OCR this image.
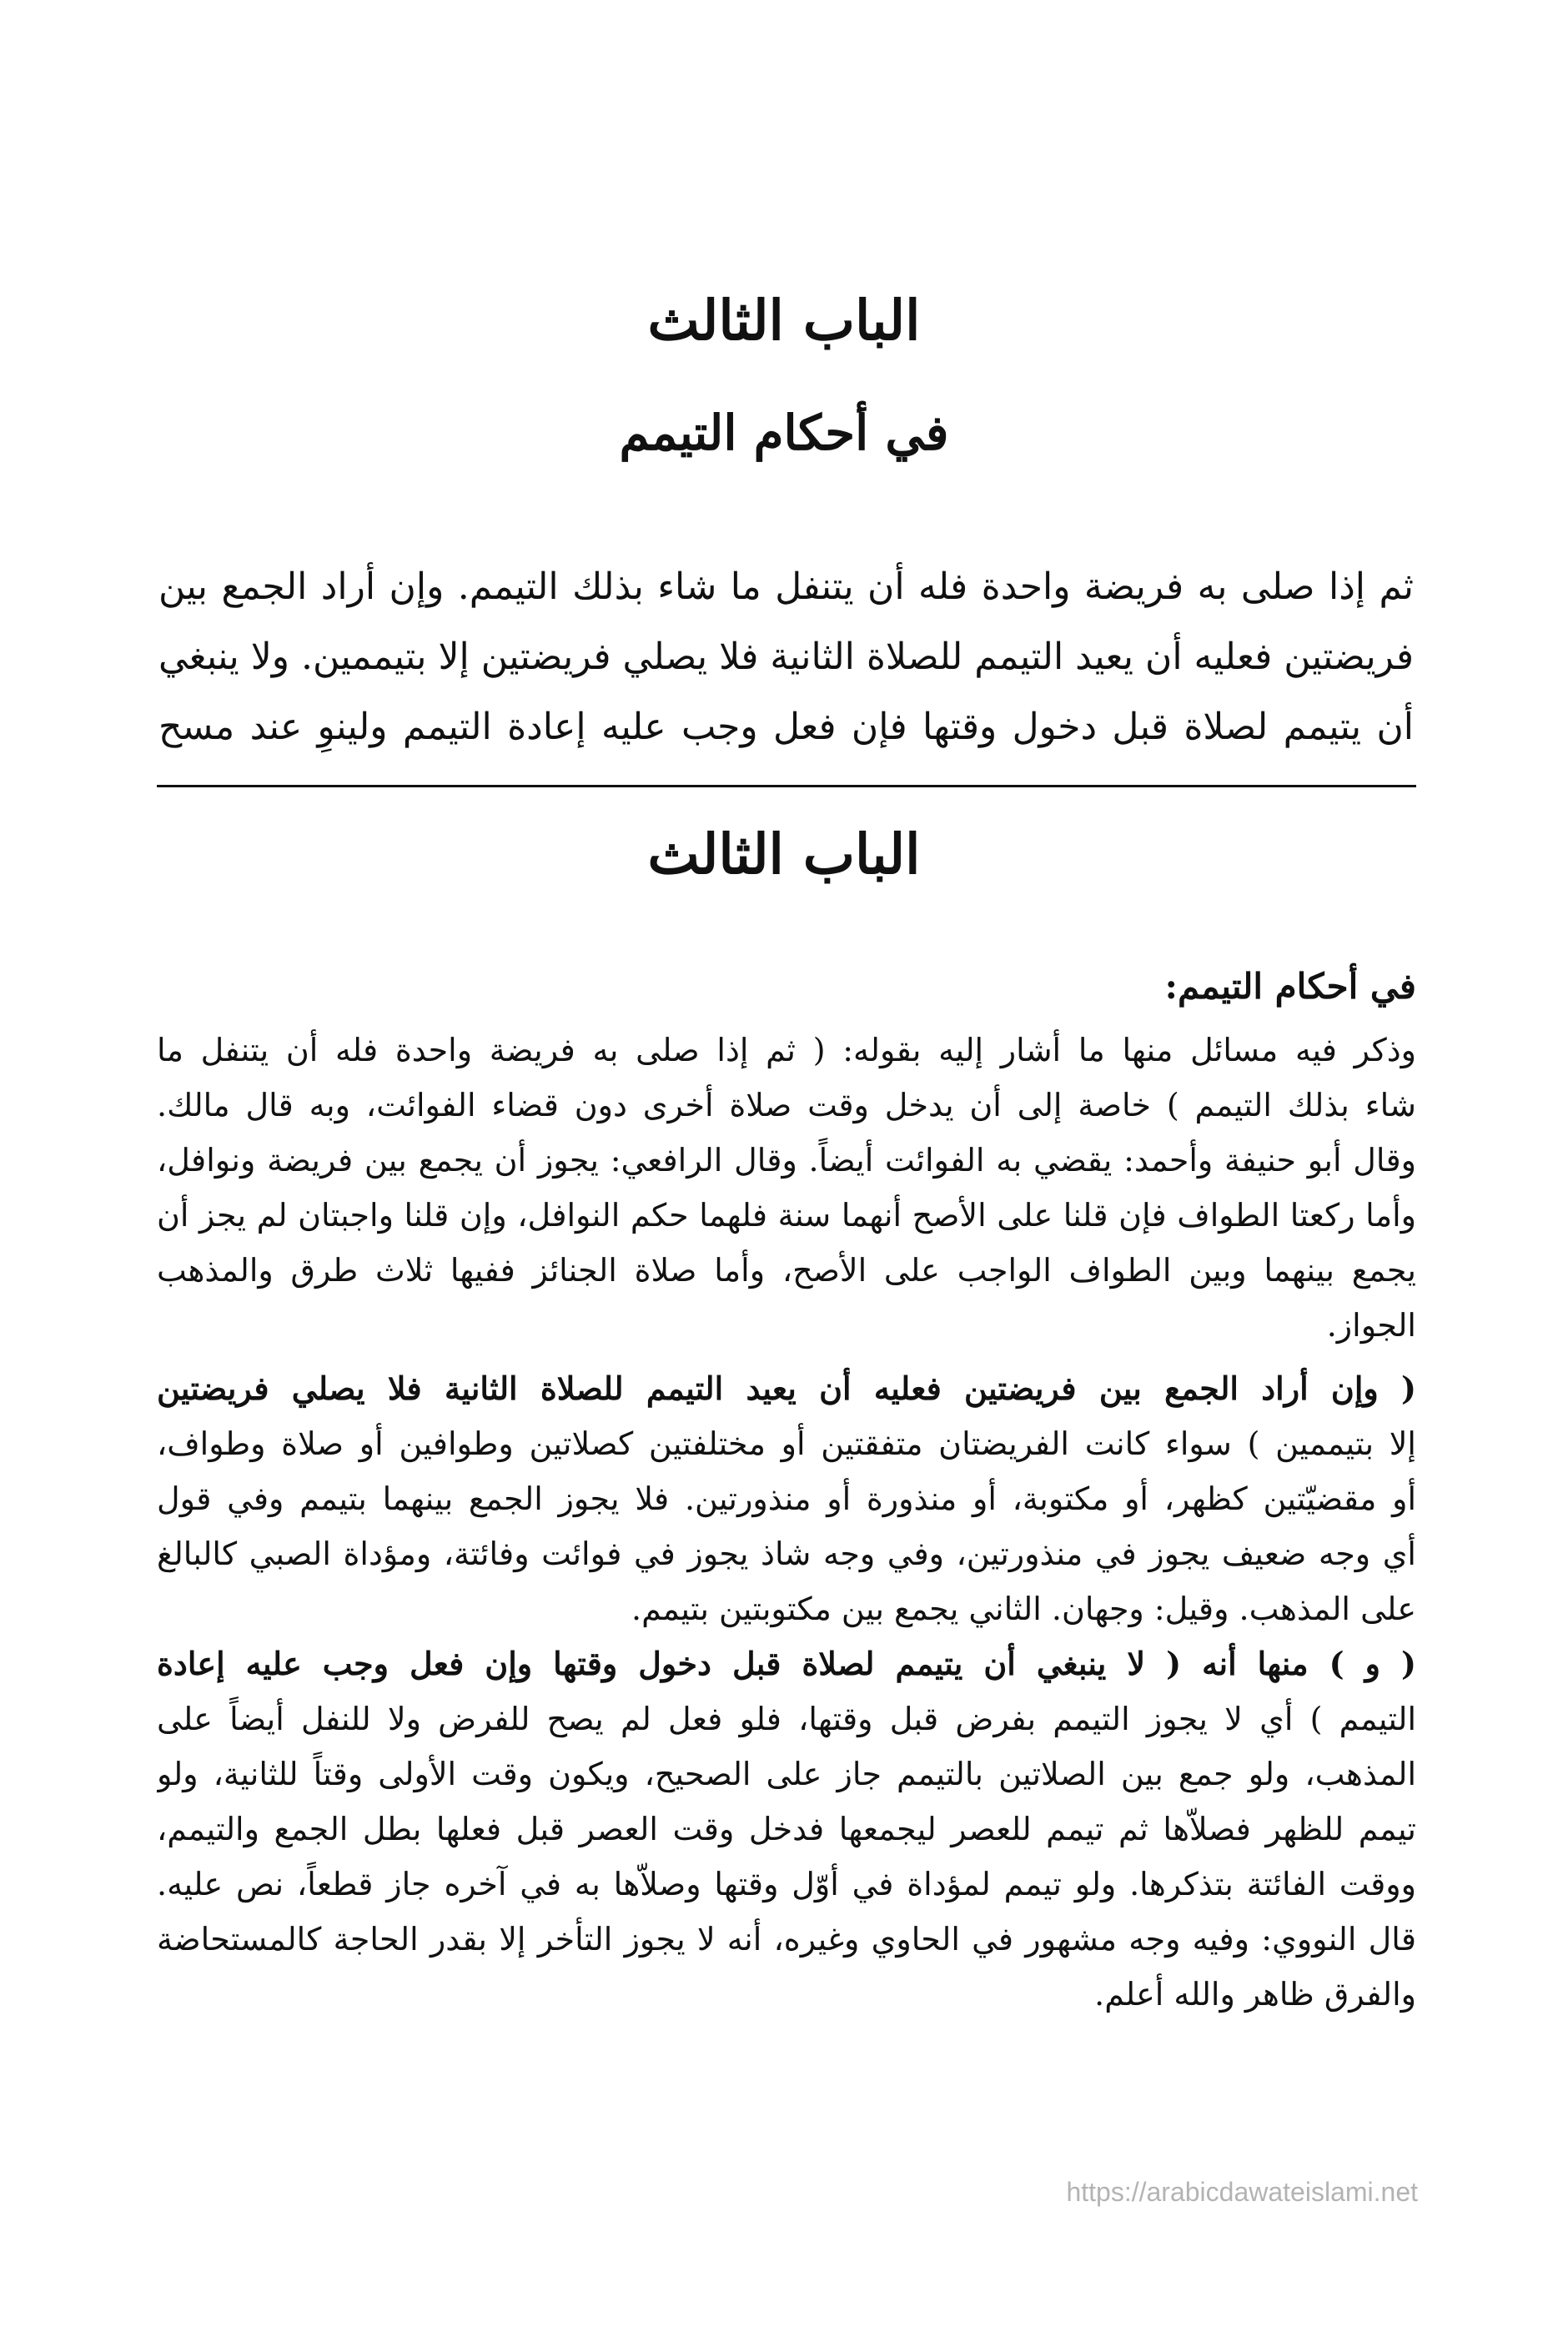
الباب الثالث
في أحكام التيمم
ثم إذا صلى به فريضة واحدة فله أن يتنفل ما شاء بذلك التيمم. وإن أراد الجمع بين
فريضتين فعليه أن يعيد التيمم للصلاة الثانية فلا يصلي فريضتين إلا بتيممين. ولا ينبغي
أن يتيمم لصلاة قبل دخول وقتها فإن فعل وجب عليه إعادة التيمم ولينوِ عند مسح
الباب الثالث
في أحكام التيمم:
وذكر فيه مسائل منها ما أشار إليه بقوله: ( ثم إذا صلى به فريضة واحدة فله أن يتنفل ما
شاء بذلك التيمم ) خاصة إلى أن يدخل وقت صلاة أخرى دون قضاء الفوائت، وبه قال مالك.
وقال أبو حنيفة وأحمد: يقضي به الفوائت أيضاً. وقال الرافعي: يجوز أن يجمع بين فريضة ونوافل،
وأما ركعتا الطواف فإن قلنا على الأصح أنهما سنة فلهما حكم النوافل، وإن قلنا واجبتان لم يجز أن
يجمع بينهما وبين الطواف الواجب على الأصح، وأما صلاة الجنائز ففيها ثلاث طرق والمذهب
الجواز.
( وإن أراد الجمع بين فريضتين فعليه أن يعيد التيمم للصلاة الثانية فلا يصلي فريضتين
إلا بتيممين ) سواء كانت الفريضتان متفقتين أو مختلفتين كصلاتين وطوافين أو صلاة وطواف،
أو مقضيّتين كظهر، أو مكتوبة، أو منذورة أو منذورتين. فلا يجوز الجمع بينهما بتيمم وفي قول
أي وجه ضعيف يجوز في منذورتين، وفي وجه شاذ يجوز في فوائت وفائتة، ومؤداة الصبي كالبالغ
على المذهب. وقيل: وجهان. الثاني يجمع بين مكتوبتين بتيمم.
( و ) منها أنه ( لا ينبغي أن يتيمم لصلاة قبل دخول وقتها وإن فعل وجب عليه إعادة
التيمم ) أي لا يجوز التيمم بفرض قبل وقتها، فلو فعل لم يصح للفرض ولا للنفل أيضاً على
المذهب، ولو جمع بين الصلاتين بالتيمم جاز على الصحيح، ويكون وقت الأولى وقتاً للثانية، ولو
تيمم للظهر فصلاّها ثم تيمم للعصر ليجمعها فدخل وقت العصر قبل فعلها بطل الجمع والتيمم،
ووقت الفائتة بتذكرها. ولو تيمم لمؤداة في أوّل وقتها وصلاّها به في آخره جاز قطعاً، نص عليه.
قال النووي: وفيه وجه مشهور في الحاوي وغيره، أنه لا يجوز التأخر إلا بقدر الحاجة كالمستحاضة
والفرق ظاهر والله أعلم.
https://arabicdawateislami.net
